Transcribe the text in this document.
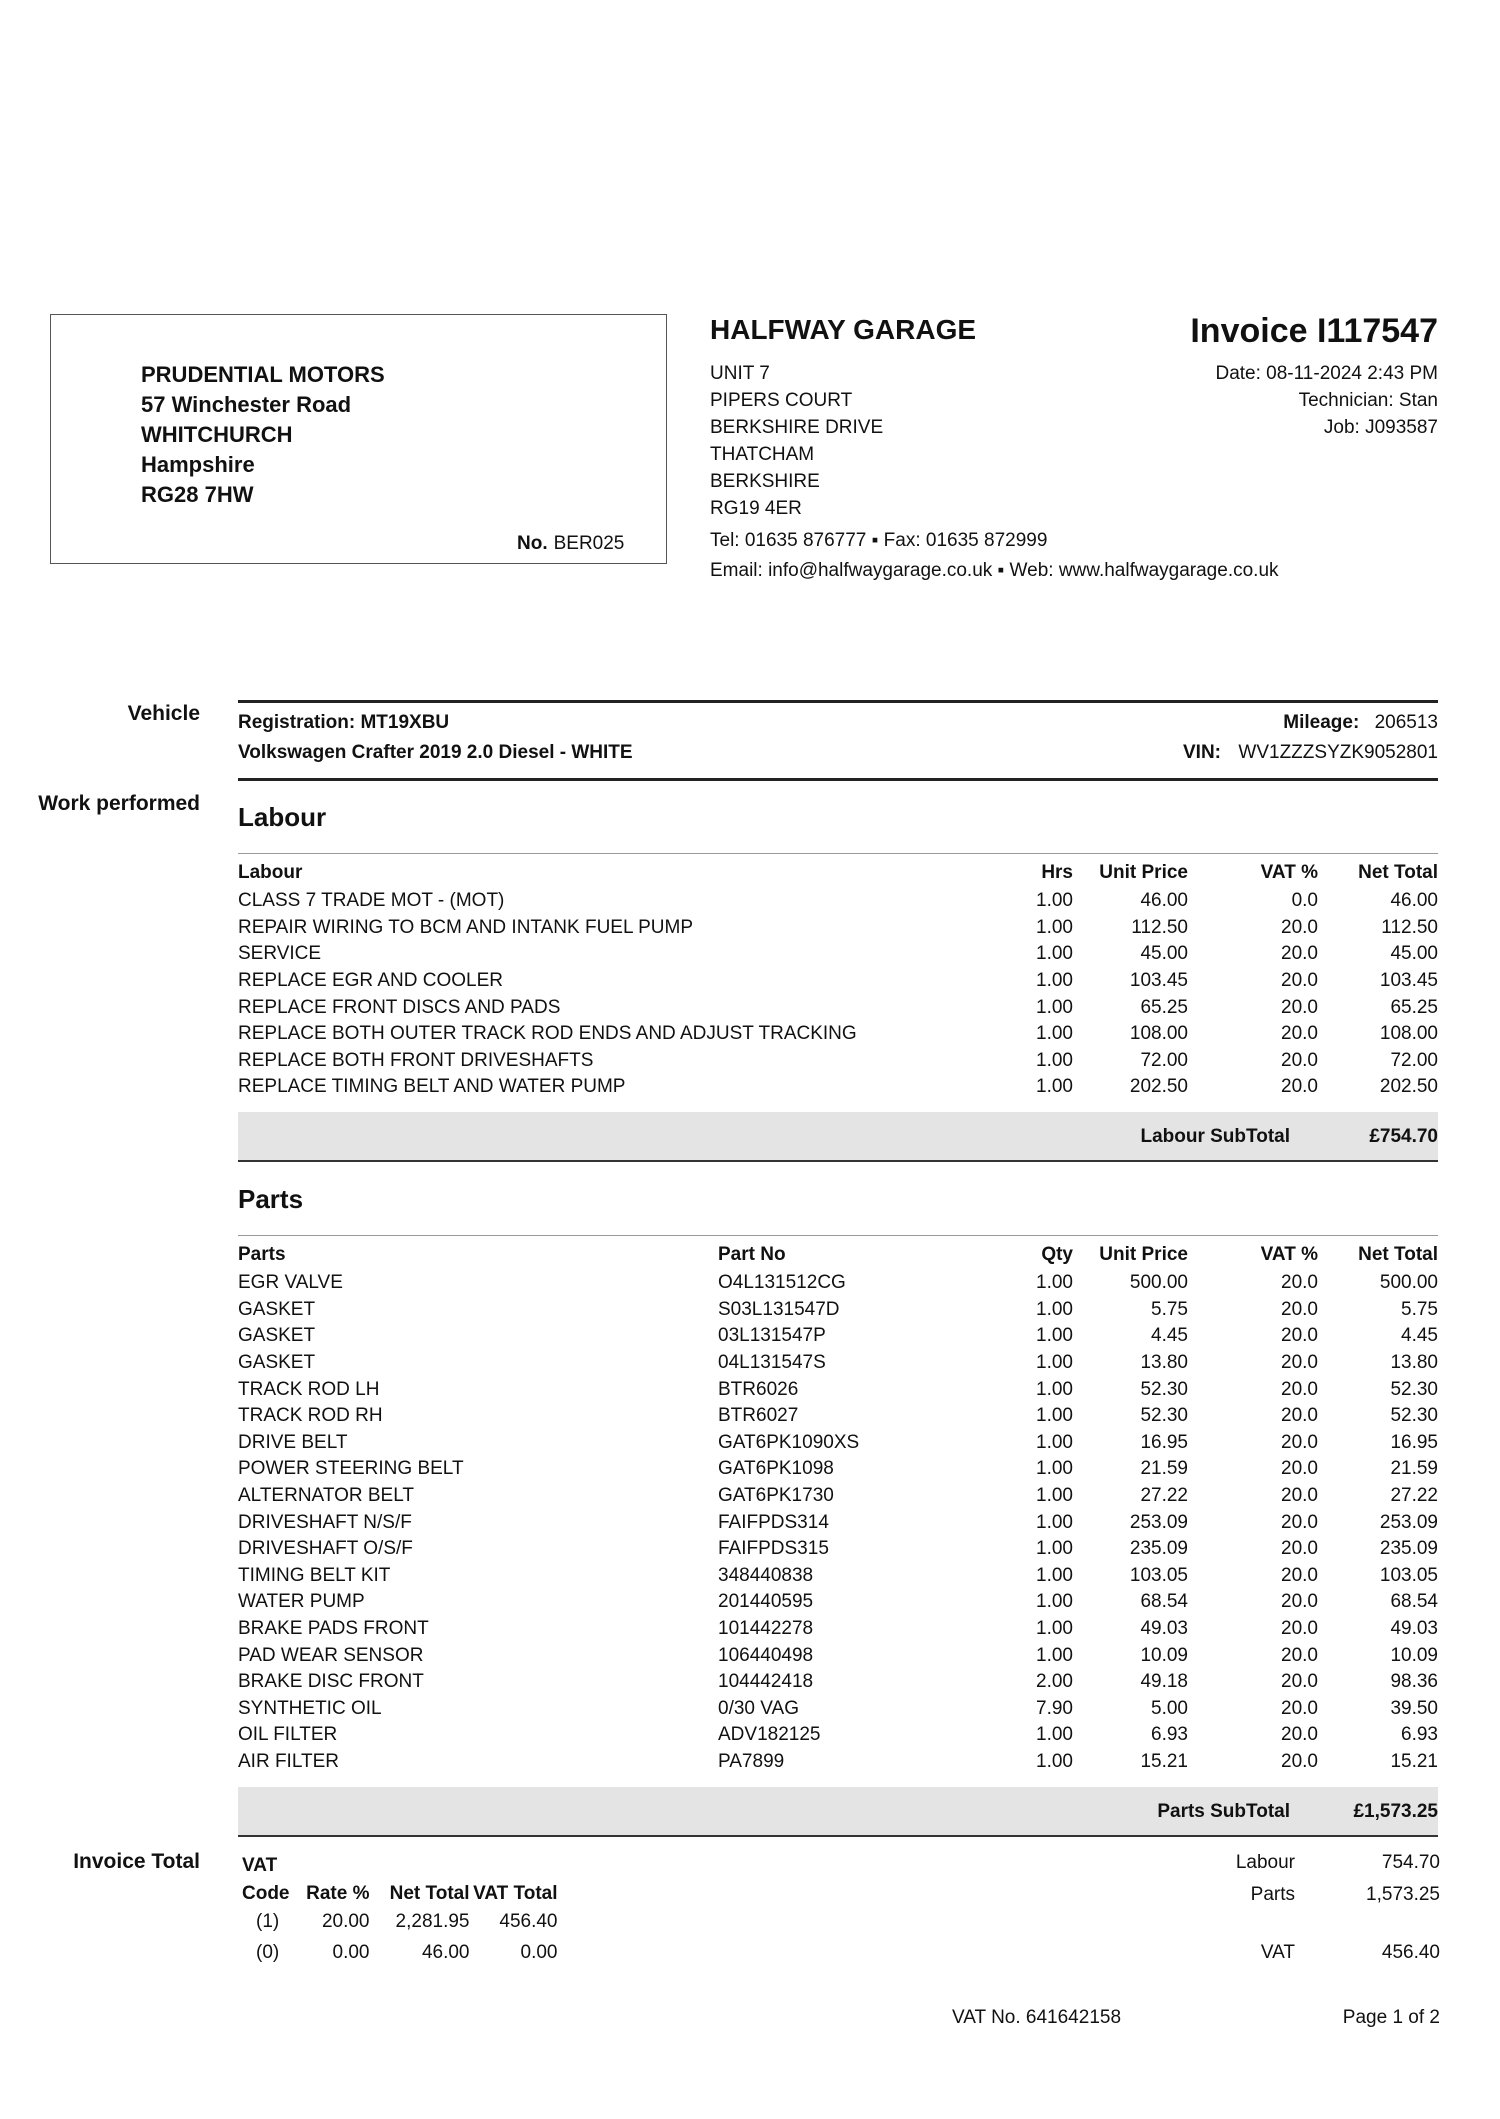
PRUDENTIAL MOTORS
57 Winchester Road
WHITCHURCH
Hampshire
RG28 7HW
No. BER025
HALFWAY GARAGE
UNIT 7
PIPERS COURT
BERKSHIRE DRIVE
THATCHAM
BERKSHIRE
RG19 4ER
Tel: 01635 876777 ▪ Fax: 01635 872999
Email: info@halfwaygarage.co.uk ▪ Web: www.halfwaygarage.co.uk
Invoice I117547
Date: 08-11-2024 2:43 PM
Technician: Stan
Job: J093587
Vehicle
Work performed
Invoice Total
Registration: MT19XBU
Volkswagen Crafter 2019 2.0 Diesel - WHITE
Mileage: 206513
VIN: WV1ZZZSYZK9052801
Labour
Labour	Hrs	Unit Price	VAT %	Net Total
CLASS 7 TRADE MOT - (MOT)	1.00	46.00	0.0	46.00
REPAIR WIRING TO BCM AND INTANK FUEL PUMP	1.00	112.50	20.0	112.50
SERVICE	1.00	45.00	20.0	45.00
REPLACE EGR AND COOLER	1.00	103.45	20.0	103.45
REPLACE FRONT DISCS AND PADS	1.00	65.25	20.0	65.25
REPLACE BOTH OUTER TRACK ROD ENDS AND ADJUST TRACKING	1.00	108.00	20.0	108.00
REPLACE BOTH FRONT DRIVESHAFTS	1.00	72.00	20.0	72.00
REPLACE TIMING BELT AND WATER PUMP	1.00	202.50	20.0	202.50
Labour SubTotal	£754.70
Parts
Parts	Part No	Qty	Unit Price	VAT %	Net Total
EGR VALVE	O4L131512CG	1.00	500.00	20.0	500.00
GASKET	S03L131547D	1.00	5.75	20.0	5.75
GASKET	03L131547P	1.00	4.45	20.0	4.45
GASKET	04L131547S	1.00	13.80	20.0	13.80
TRACK ROD LH	BTR6026	1.00	52.30	20.0	52.30
TRACK ROD RH	BTR6027	1.00	52.30	20.0	52.30
DRIVE BELT	GAT6PK1090XS	1.00	16.95	20.0	16.95
POWER STEERING BELT	GAT6PK1098	1.00	21.59	20.0	21.59
ALTERNATOR BELT	GAT6PK1730	1.00	27.22	20.0	27.22
DRIVESHAFT N/S/F	FAIFPDS314	1.00	253.09	20.0	253.09
DRIVESHAFT O/S/F	FAIFPDS315	1.00	235.09	20.0	235.09
TIMING BELT KIT	348440838	1.00	103.05	20.0	103.05
WATER PUMP	201440595	1.00	68.54	20.0	68.54
BRAKE PADS FRONT	101442278	1.00	49.03	20.0	49.03
PAD WEAR SENSOR	106440498	1.00	10.09	20.0	10.09
BRAKE DISC FRONT	104442418	2.00	49.18	20.0	98.36
SYNTHETIC OIL	0/30 VAG	7.90	5.00	20.0	39.50
OIL FILTER	ADV182125	1.00	6.93	20.0	6.93
AIR FILTER	PA7899	1.00	15.21	20.0	15.21
Parts SubTotal	£1,573.25
VAT			
Code	Rate %	Net Total	VAT Total
(1)	20.00	2,281.95	456.40
(0)	0.00	46.00	0.00
Labour	754.70
Parts	1,573.25
VAT	456.40
VAT No. 641642158	Page 1 of 2
